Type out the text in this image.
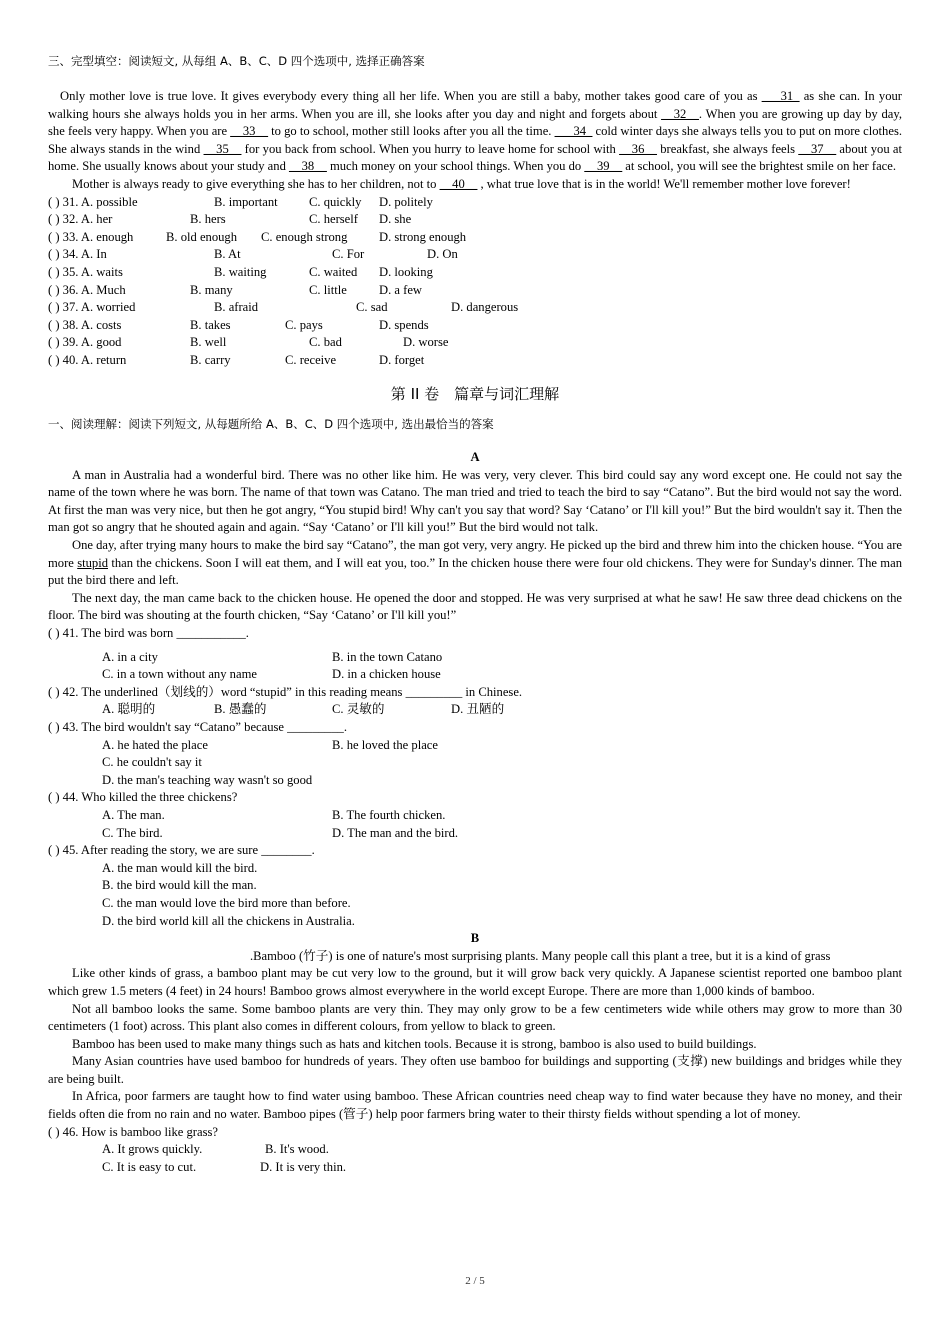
三、完型填空：阅读短文, 从每组 A、B、C、D 四个选项中, 选择正确答案

Only mother love is true love. It gives everybody every thing all her life. When you are still a baby, mother takes good care of you as ___31_ as she can. In your walking hours she always holds you in her arms. When you are ill, she looks after you day and night and forgets about __32__. When you are growing up day by day, she feels very happy. When you are __33__ to go to school, mother still looks after you all the time. ___34_ cold winter days she always tells you to put on more clothes. She always stands in the wind __35__ for you back from school. When you hurry to leave home for school with __36__ breakfast, she always feels __37__ about you at home. She usually knows about your study and __38__ much money on your school things. When you do __39__ at school, you will see the brightest smile on her face.

Mother is always ready to give everything she has to her children, not to __40__ , what true love that is in the world! We'll remember mother love forever!

( ) 31. A. possible	B. important C. quickly D. politely
( ) 32. A. her	B. hers	C. herself D. she
( ) 33. A. enough	B. old enough C. enough strong	D. strong enough
( ) 34. A. In	B. At	C. For	D. On
( ) 35. A. waits	B. waiting	C. waited D. looking
( ) 36. A. Much	B. many	C. little	D. a few
( ) 37. A. worried	B. afraid	C. sad	D. dangerous
( ) 38. A. costs	B. takes	C. pays	D. spends
( ) 39. A. good	B. well	C. bad	D. worse
( ) 40. A. return	B. carry	C. receive	D. forget
第 II 卷　篇章与词汇理解
一、阅读理解：阅读下列短文, 从每题所给 A、B、C、D 四个选项中, 选出最恰当的答案
A

A man in Australia had a wonderful bird. There was no other like him. He was very, very clever. This bird could say any word except one. He could not say the name of the town where he was born. The name of that town was Catano. The man tried and tried to teach the bird to say “Catano”. But the bird would not say the word. At first the man was very nice, but then he got angry, “You stupid bird! Why can't you say that word? Say ‘Catano’ or I'll kill you!” But the bird wouldn't say it. Then the man got so angry that he shouted again and again. “Say ‘Catano’ or I'll kill you!” But the bird would not talk.

One day, after trying many hours to make the bird say “Catano”, the man got very, very angry. He picked up the bird and threw him into the chicken house. “You are more stupid than the chickens. Soon I will eat them, and I will eat you, too.” In the chicken house there were four old chickens. They were for Sunday's dinner. The man put the bird there and left.

The next day, the man came back to the chicken house. He opened the door and stopped. He was very surprised at what he saw! He saw three dead chickens on the floor. The bird was shouting at the fourth chicken, “Say ‘Catano’ or I'll kill you!”

( ) 41. The bird was born ___________.
A. in a city	B. in the town Catano
C. in a town without any name	D. in a chicken house
( ) 42. The underlined（划线的）word “stupid” in this reading means _________ in Chinese.
A. 聪明的	B. 愚蠢的	C. 灵敏的	D. 丑陋的
( ) 43. The bird wouldn't say “Catano” because _________.
A. he hated the place	B. he loved the place
C. he couldn't say it
D. the man's teaching way wasn't so good
( ) 44. Who killed the three chickens?
A. The man.	B. The fourth chicken.
C. The bird.	D. The man and the bird.
( ) 45. After reading the story, we are sure ________.
A. the man would kill the bird.
B. the bird would kill the man.
C. the man would love the bird more than before.
D. the bird world kill all the chickens in Australia.
B
.Bamboo (竹子) is one of nature's most surprising plants. Many people call this plant a tree, but it is a kind of grass

Like other kinds of grass, a bamboo plant may be cut very low to the ground, but it will grow back very quickly. A Japanese scientist reported one bamboo plant which grew 1.5 meters (4 feet) in 24 hours! Bamboo grows almost everywhere in the world except Europe. There are more than 1,000 kinds of bamboo.

Not all bamboo looks the same. Some bamboo plants are very thin. They may only grow to be a few centimeters wide while others may grow to more than 30 centimeters (1 foot) across. This plant also comes in different colours, from yellow to black to green.

Bamboo has been used to make many things such as hats and kitchen tools. Because it is strong, bamboo is also used to build buildings.

Many Asian countries have used bamboo for hundreds of years. They often use bamboo for buildings and supporting (支撑) new buildings and bridges while they are being built.

In Africa, poor farmers are taught how to find water using bamboo. These African countries need cheap way to find water because they have no money, and their fields often die from no rain and no water. Bamboo pipes (管子) help poor farmers bring water to their thirsty fields without spending a lot of money.

( ) 46. How is bamboo like grass?
A. It grows quickly.	B. It's wood.
C. It is easy to cut.	D. It is very thin.
2 / 5
